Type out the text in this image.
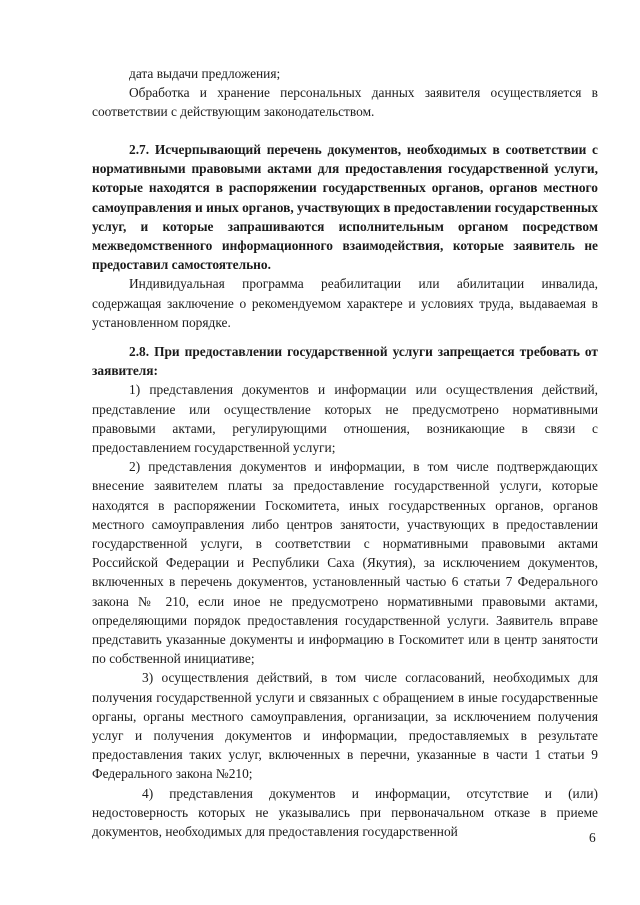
дата выдачи предложения;

Обработка и хранение персональных данных заявителя осуществляется в соответствии с действующим законодательством.

2.7. Исчерпывающий перечень документов, необходимых в соответствии с нормативными правовыми актами для предоставления государственной услуги, которые находятся в распоряжении государственных органов, органов местного самоуправления и иных органов, участвующих в предоставлении государственных услуг, и которые запрашиваются исполнительным органом посредством межведомственного информационного взаимодействия, которые заявитель не предоставил самостоятельно.

Индивидуальная программа реабилитации или абилитации инвалида, содержащая заключение о рекомендуемом характере и условиях труда, выдаваемая в установленном порядке.

2.8. При предоставлении государственной услуги запрещается требовать от заявителя:

1) представления документов и информации или осуществления действий, представление или осуществление которых не предусмотрено нормативными правовыми актами, регулирующими отношения, возникающие в связи с предоставлением государственной услуги;

2) представления документов и информации, в том числе подтверждающих внесение заявителем платы за предоставление государственной услуги, которые находятся в распоряжении Госкомитета, иных государственных органов, органов местного самоуправления либо центров занятости, участвующих в предоставлении государственной услуги, в соответствии с нормативными правовыми актами Российской Федерации и Республики Саха (Якутия), за исключением документов, включенных в перечень документов, установленный частью 6 статьи 7 Федерального закона № 210, если иное не предусмотрено нормативными правовыми актами, определяющими порядок предоставления государственной услуги. Заявитель вправе представить указанные документы и информацию в Госкомитет или в центр занятости по собственной инициативе;

3) осуществления действий, в том числе согласований, необходимых для получения государственной услуги и связанных с обращением в иные государственные органы, органы местного самоуправления, организации, за исключением получения услуг и получения документов и информации, предоставляемых в результате предоставления таких услуг, включенных в перечни, указанные в части 1 статьи 9 Федерального закона №210;

4) представления документов и информации, отсутствие и (или) недостоверность которых не указывались при первоначальном отказе в приеме документов, необходимых для предоставления государственной	6
